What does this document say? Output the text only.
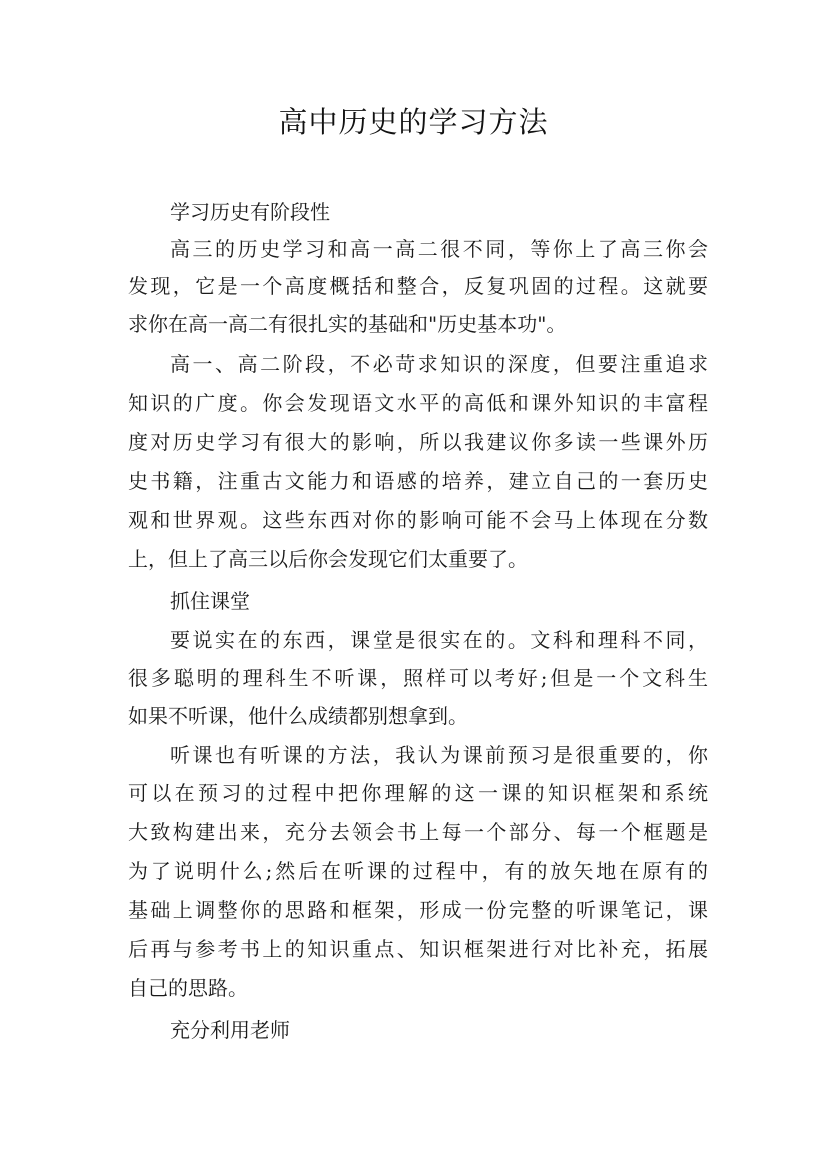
高中历史的学习方法
学习历史有阶段性
高三的历史学习和高一高二很不同，等你上了高三你会
发现，它是一个高度概括和整合，反复巩固的过程。这就要
求你在高一高二有很扎实的基础和"历史基本功"。
高一、高二阶段，不必苛求知识的深度，但要注重追求
知识的广度。你会发现语文水平的高低和课外知识的丰富程
度对历史学习有很大的影响，所以我建议你多读一些课外历
史书籍，注重古文能力和语感的培养，建立自己的一套历史
观和世界观。这些东西对你的影响可能不会马上体现在分数
上，但上了高三以后你会发现它们太重要了。
抓住课堂
要说实在的东西，课堂是很实在的。文科和理科不同，
很多聪明的理科生不听课，照样可以考好;但是一个文科生
如果不听课，他什么成绩都别想拿到。
听课也有听课的方法，我认为课前预习是很重要的，你
可以在预习的过程中把你理解的这一课的知识框架和系统
大致构建出来，充分去领会书上每一个部分、每一个框题是
为了说明什么;然后在听课的过程中，有的放矢地在原有的
基础上调整你的思路和框架，形成一份完整的听课笔记，课
后再与参考书上的知识重点、知识框架进行对比补充，拓展
自己的思路。
充分利用老师
